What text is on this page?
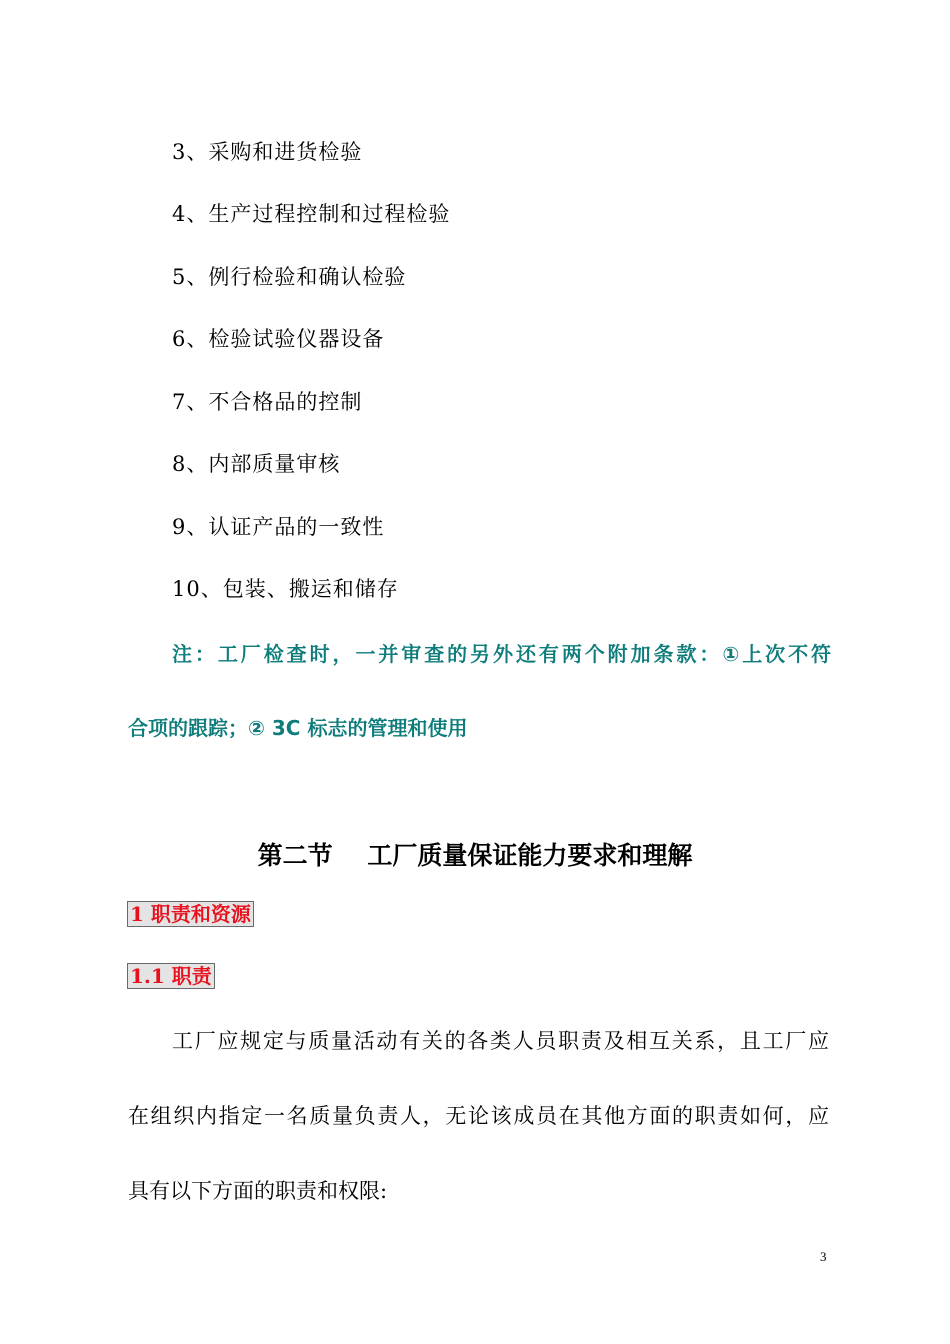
3、采购和进货检验
4、生产过程控制和过程检验
5、例行检验和确认检验
6、检验试验仪器设备
7、不合格品的控制
8、内部质量审核
9、认证产品的一致性
10、包装、搬运和储存
注：工厂检查时，一并审查的另外还有两个附加条款：①上次不符
合项的跟踪；② 3C 标志的管理和使用
第二节    工厂质量保证能力要求和理解
1 职责和资源
1.1 职责
工厂应规定与质量活动有关的各类人员职责及相互关系，且工厂应
在组织内指定一名质量负责人，无论该成员在其他方面的职责如何，应
具有以下方面的职责和权限:
3
